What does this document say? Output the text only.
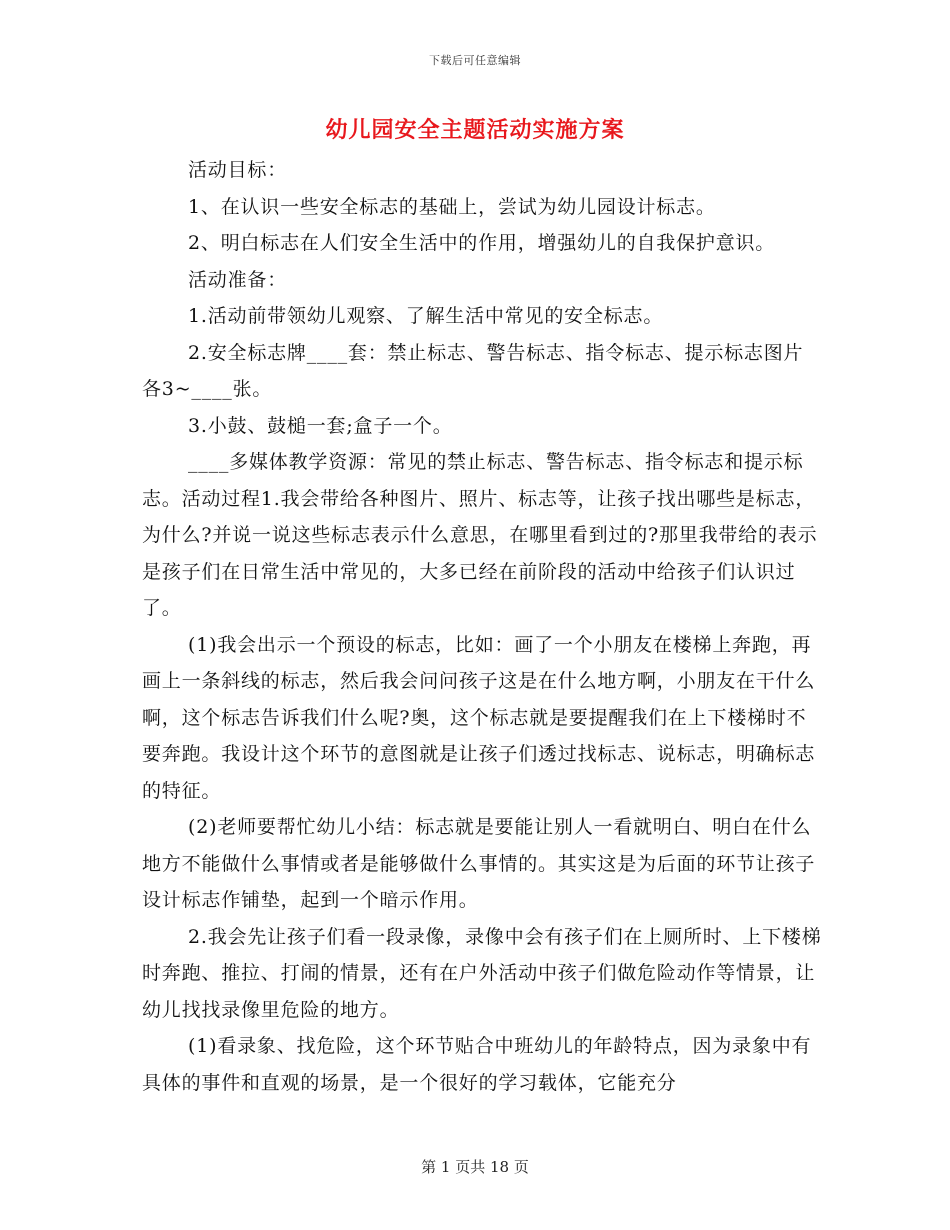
下载后可任意编辑
幼儿园安全主题活动实施方案

活动目标：

1、在认识一些安全标志的基础上，尝试为幼儿园设计标志。

2、明白标志在人们安全生活中的作用，增强幼儿的自我保护意识。

活动准备：

1.活动前带领幼儿观察、了解生活中常见的安全标志。

2.安全标志牌____套：禁止标志、警告标志、指令标志、提示标志图片各3~____张。

3.小鼓、鼓槌一套;盒子一个。

____多媒体教学资源：常见的禁止标志、警告标志、指令标志和提示标志。活动过程1.我会带给各种图片、照片、标志等，让孩子找出哪些是标志，为什么?并说一说这些标志表示什么意思，在哪里看到过的?那里我带给的表示是孩子们在日常生活中常见的，大多已经在前阶段的活动中给孩子们认识过了。

(1)我会出示一个预设的标志，比如：画了一个小朋友在楼梯上奔跑，再画上一条斜线的标志，然后我会问问孩子这是在什么地方啊，小朋友在干什么啊，这个标志告诉我们什么呢?奥，这个标志就是要提醒我们在上下楼梯时不要奔跑。我设计这个环节的意图就是让孩子们透过找标志、说标志，明确标志的特征。

(2)老师要帮忙幼儿小结：标志就是要能让别人一看就明白、明白在什么地方不能做什么事情或者是能够做什么事情的。其实这是为后面的环节让孩子设计标志作铺垫，起到一个暗示作用。

2.我会先让孩子们看一段录像，录像中会有孩子们在上厕所时、上下楼梯时奔跑、推拉、打闹的情景，还有在户外活动中孩子们做危险动作等情景，让幼儿找找录像里危险的地方。

(1)看录象、找危险，这个环节贴合中班幼儿的年龄特点，因为录象中有具体的事件和直观的场景，是一个很好的学习载体，它能充分

第 1 页共 18 页
